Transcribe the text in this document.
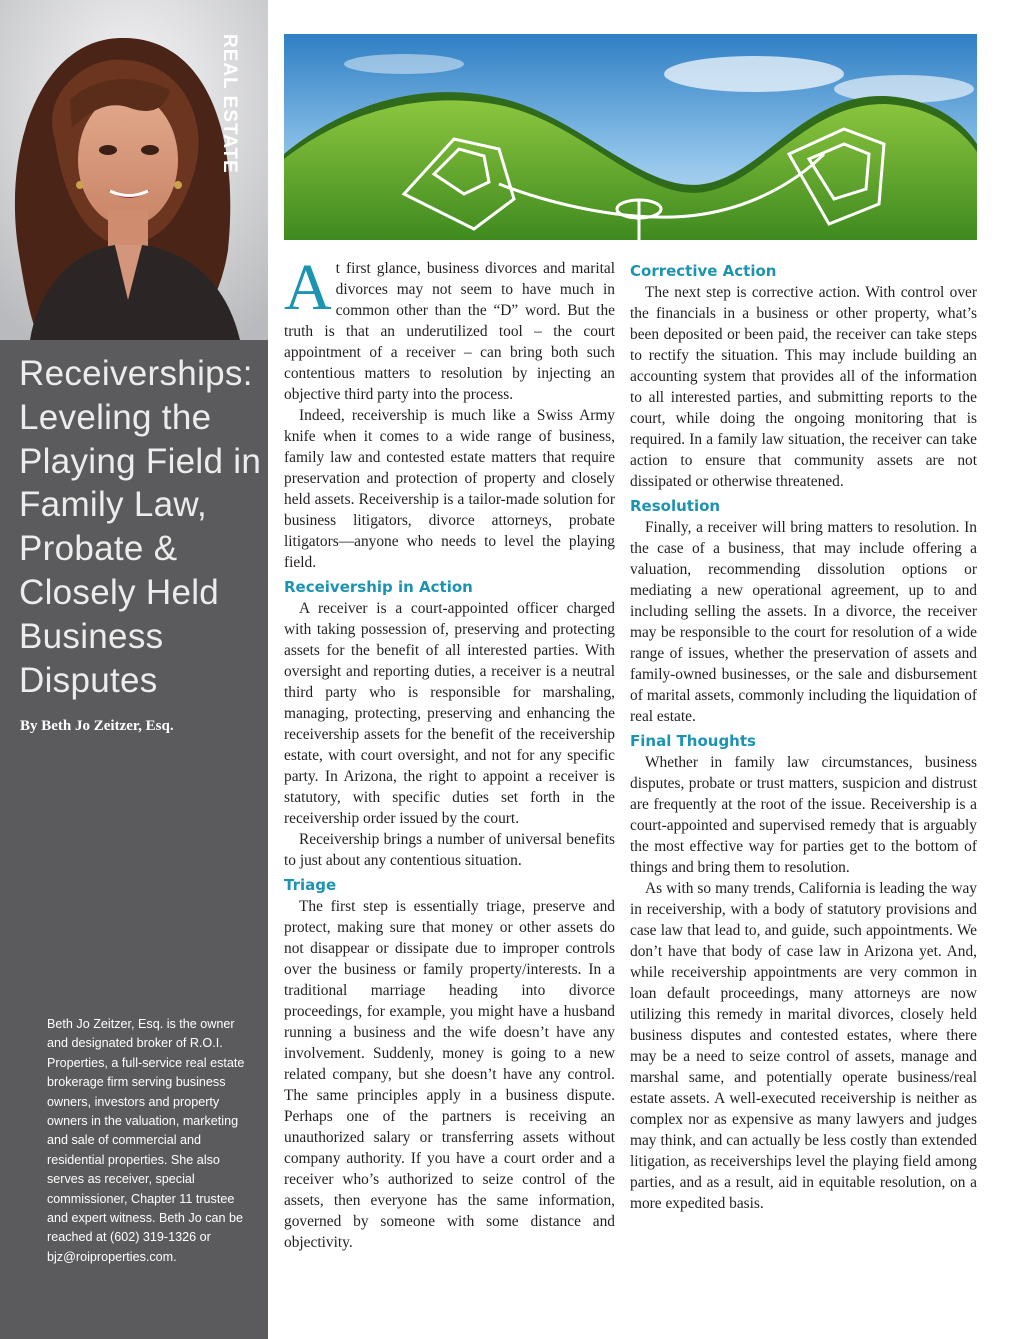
REAL ESTATE
Receiverships: Leveling the Playing Field in Family Law, Probate & Closely Held Business Disputes

By Beth Jo Zeitzer, Esq.

Beth Jo Zeitzer, Esq. is the owner and designated broker of R.O.I. Properties, a full-service real estate brokerage firm serving business owners, investors and property owners in the valuation, marketing and sale of commercial and residential properties. She also serves as receiver, special commissioner, Chapter 11 trustee and expert witness. Beth Jo can be reached at (602) 319-1326 or bjz@roiproperties.com.

At first glance, business divorces and marital divorces may not seem to have much in common other than the “D” word. But the truth is that an underutilized tool – the court appointment of a receiver – can bring both such contentious matters to resolution by injecting an objective third party into the process.

Indeed, receivership is much like a Swiss Army knife when it comes to a wide range of business, family law and contested estate matters that require preservation and protection of property and closely held assets. Receivership is a tailor-made solution for business litigators, divorce attorneys, probate litigators—anyone who needs to level the playing field.

Receivership in Action

A receiver is a court-appointed officer charged with taking possession of, preserving and protecting assets for the benefit of all interested parties. With oversight and reporting duties, a receiver is a neutral third party who is responsible for marshaling, managing, protecting, preserving and enhancing the receivership assets for the benefit of the receivership estate, with court oversight, and not for any specific party. In Arizona, the right to appoint a receiver is statutory, with specific duties set forth in the receivership order issued by the court.

Receivership brings a number of universal benefits to just about any contentious situation.

Triage

The first step is essentially triage, preserve and protect, making sure that money or other assets do not disappear or dissipate due to improper controls over the business or family property/interests. In a traditional marriage heading into divorce proceedings, for example, you might have a husband running a business and the wife doesn’t have any involvement. Suddenly, money is going to a new related company, but she doesn’t have any control. The same principles apply in a business dispute. Perhaps one of the partners is receiving an unauthorized salary or transferring assets without company authority. If you have a court order and a receiver who’s authorized to seize control of the assets, then everyone has the same information, governed by someone with some distance and objectivity.

Corrective Action

The next step is corrective action. With control over the financials in a business or other property, what’s been deposited or been paid, the receiver can take steps to rectify the situation. This may include building an accounting system that provides all of the information to all interested parties, and submitting reports to the court, while doing the ongoing monitoring that is required. In a family law situation, the receiver can take action to ensure that community assets are not dissipated or otherwise threatened.

Resolution

Finally, a receiver will bring matters to resolution. In the case of a business, that may include offering a valuation, recommending dissolution options or mediating a new operational agreement, up to and including selling the assets. In a divorce, the receiver may be responsible to the court for resolution of a wide range of issues, whether the preservation of assets and family-owned businesses, or the sale and disbursement of marital assets, commonly including the liquidation of real estate.

Final Thoughts

Whether in family law circumstances, business disputes, probate or trust matters, suspicion and distrust are frequently at the root of the issue. Receivership is a court-appointed and supervised remedy that is arguably the most effective way for parties get to the bottom of things and bring them to resolution.

As with so many trends, California is leading the way in receivership, with a body of statutory provisions and case law that lead to, and guide, such appointments. We don’t have that body of case law in Arizona yet. And, while receivership appointments are very common in loan default proceedings, many attorneys are now utilizing this remedy in marital divorces, closely held business disputes and contested estates, where there may be a need to seize control of assets, manage and marshal same, and potentially operate business/real estate assets. A well-executed receivership is neither as complex nor as expensive as many lawyers and judges may think, and can actually be less costly than extended litigation, as receiverships level the playing field among parties, and as a result, aid in equitable resolution, on a more expedited basis.
